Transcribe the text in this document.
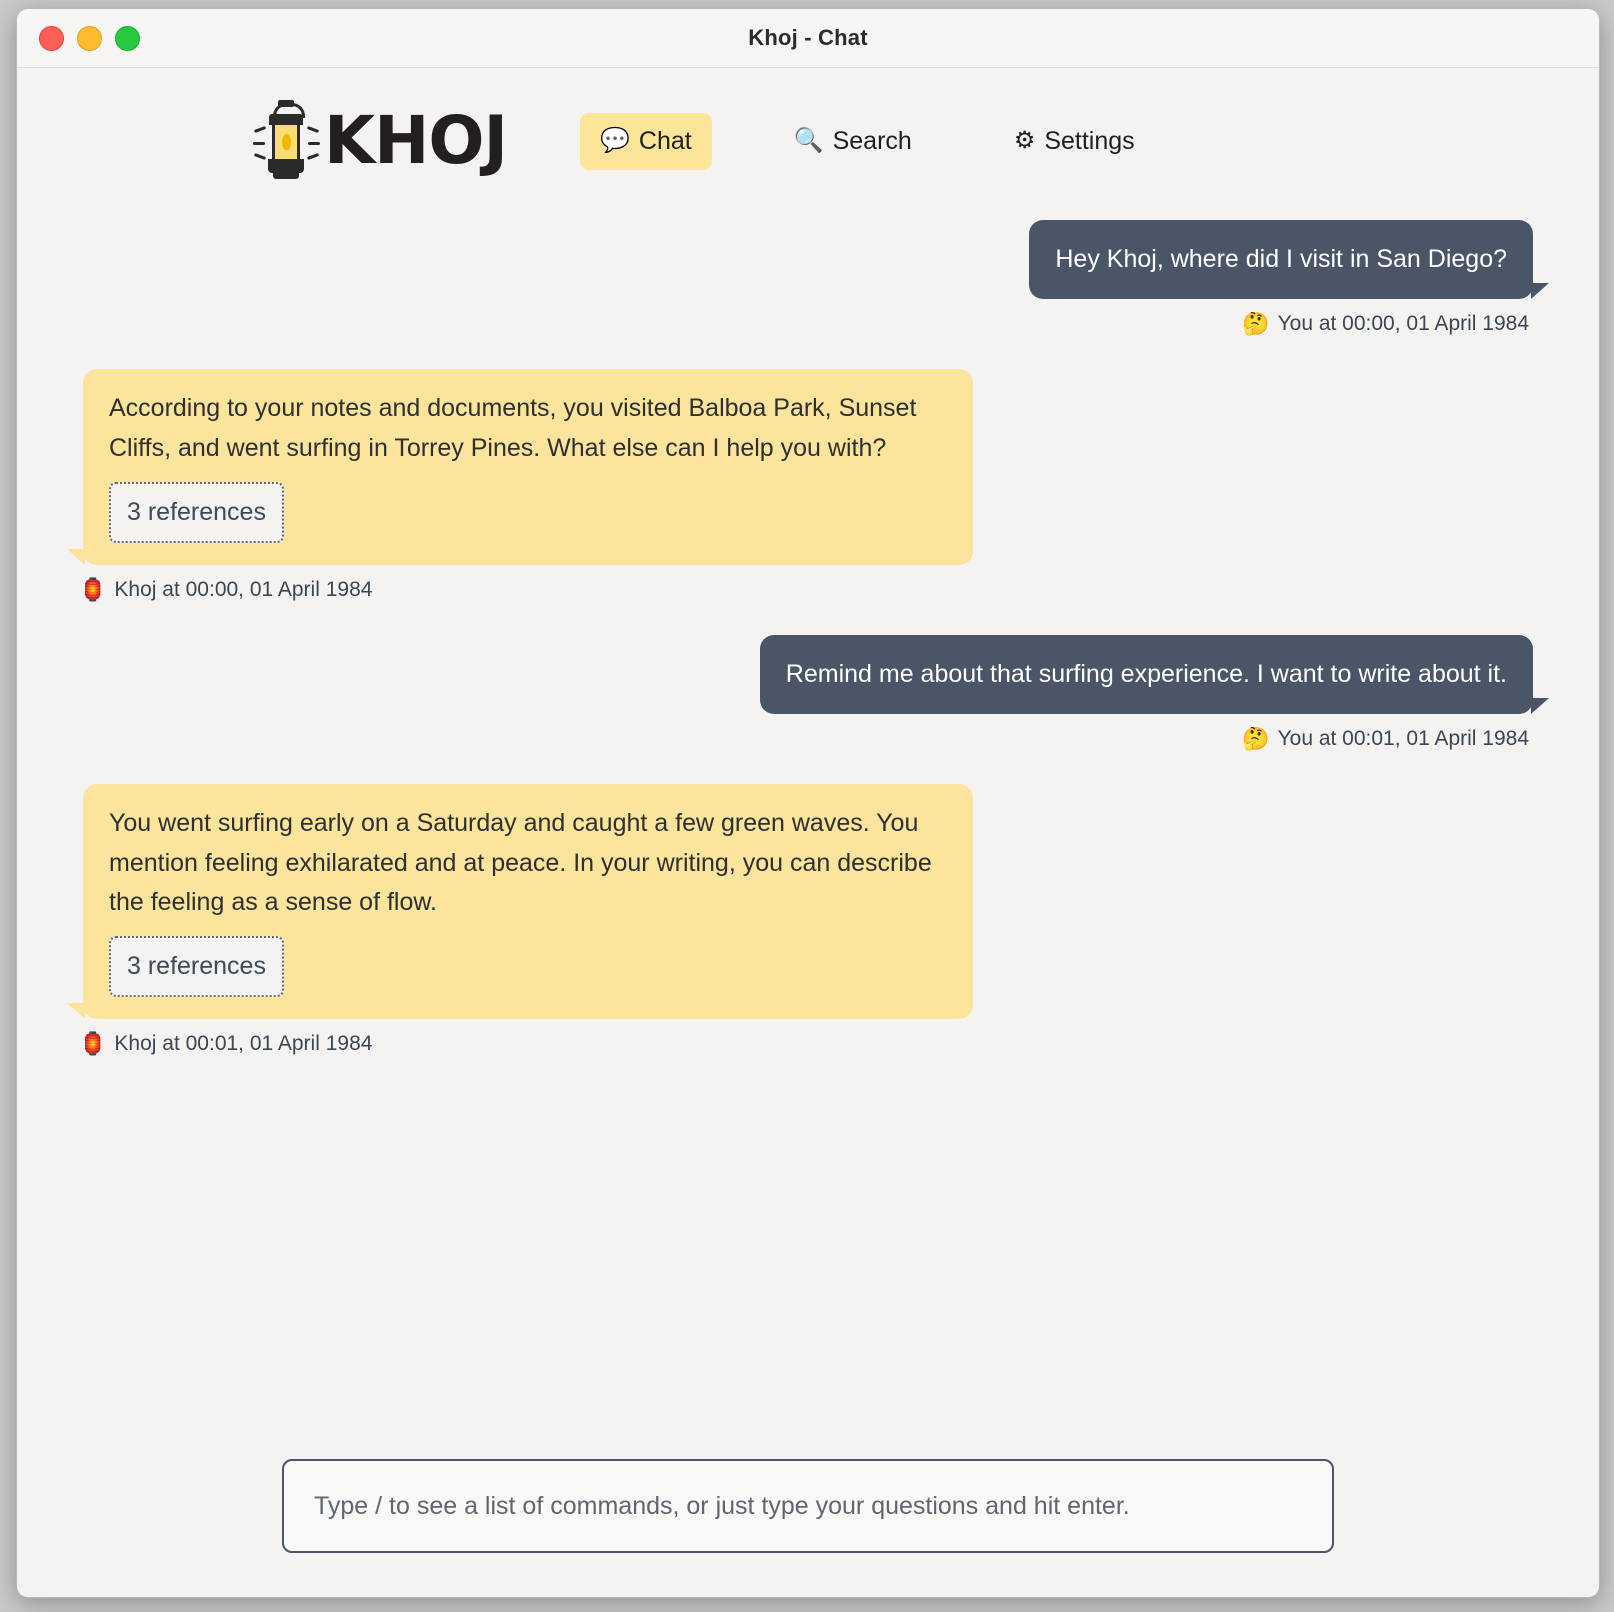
Khoj - Chat
KHOJ	💬 Chat	🔍 Search	⚙ Settings
Hey Khoj, where did I visit in San Diego?
🤔 You at 00:00, 01 April 1984
According to your notes and documents, you visited Balboa Park, Sunset Cliffs, and went surfing in Torrey Pines. What else can I help you with?
3 references
🏮 Khoj at 00:00, 01 April 1984
Remind me about that surfing experience. I want to write about it.
🤔 You at 00:01, 01 April 1984
You went surfing early on a Saturday and caught a few green waves. You mention feeling exhilarated and at peace. In your writing, you can describe the feeling as a sense of flow.
3 references
🏮 Khoj at 00:01, 01 April 1984
Type / to see a list of commands, or just type your questions and hit enter.
